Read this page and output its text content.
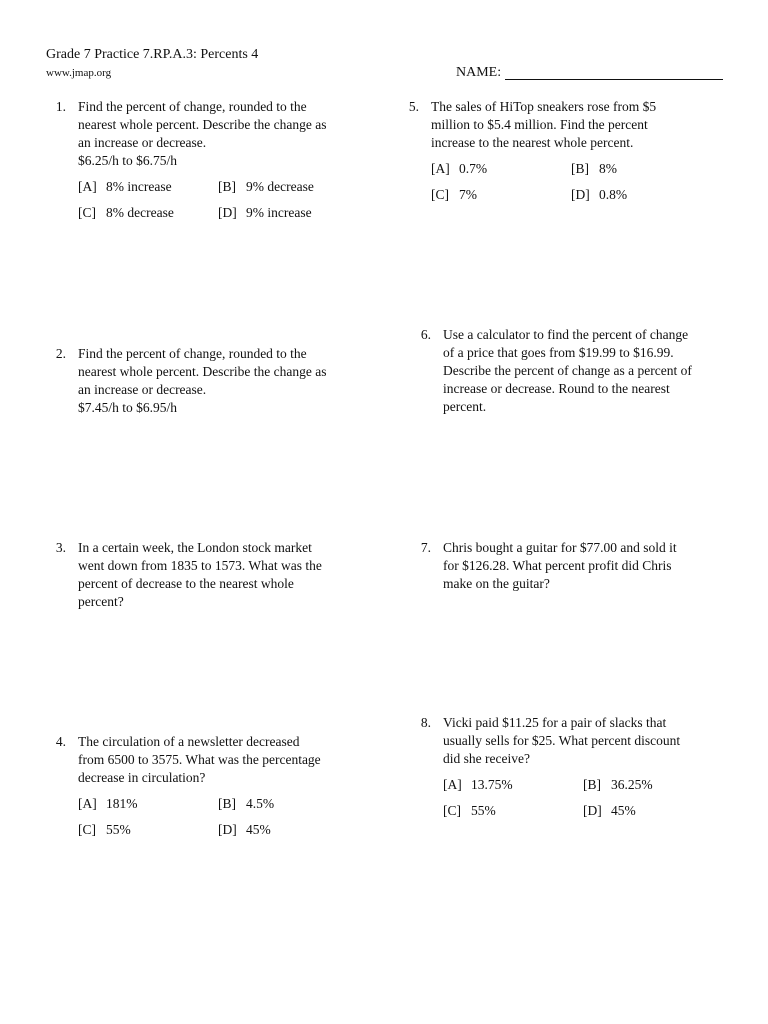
Grade 7 Practice 7.RP.A.3: Percents 4
www.jmap.org	NAME:
1. Find the percent of change, rounded to the
nearest whole percent. Describe the change as
an increase or decrease.
$6.25/h to $6.75/h
[A] 8% increase	[B] 9% decrease
[C] 8% decrease	[D] 9% increase
2. Find the percent of change, rounded to the
nearest whole percent. Describe the change as
an increase or decrease.
$7.45/h to $6.95/h
3. In a certain week, the London stock market
went down from 1835 to 1573. What was the
percent of decrease to the nearest whole
percent?
4. The circulation of a newsletter decreased
from 6500 to 3575. What was the percentage
decrease in circulation?
[A] 181%	[B] 4.5%
[C] 55%	[D] 45%
5. The sales of HiTop sneakers rose from $5
million to $5.4 million. Find the percent
increase to the nearest whole percent.
[A] 0.7%	[B] 8%
[C] 7%	[D] 0.8%
6. Use a calculator to find the percent of change
of a price that goes from $19.99 to $16.99.
Describe the percent of change as a percent of
increase or decrease. Round to the nearest
percent.
7. Chris bought a guitar for $77.00 and sold it
for $126.28. What percent profit did Chris
make on the guitar?
8. Vicki paid $11.25 for a pair of slacks that
usually sells for $25. What percent discount
did she receive?
[A] 13.75%	[B] 36.25%
[C] 55%	[D] 45%
